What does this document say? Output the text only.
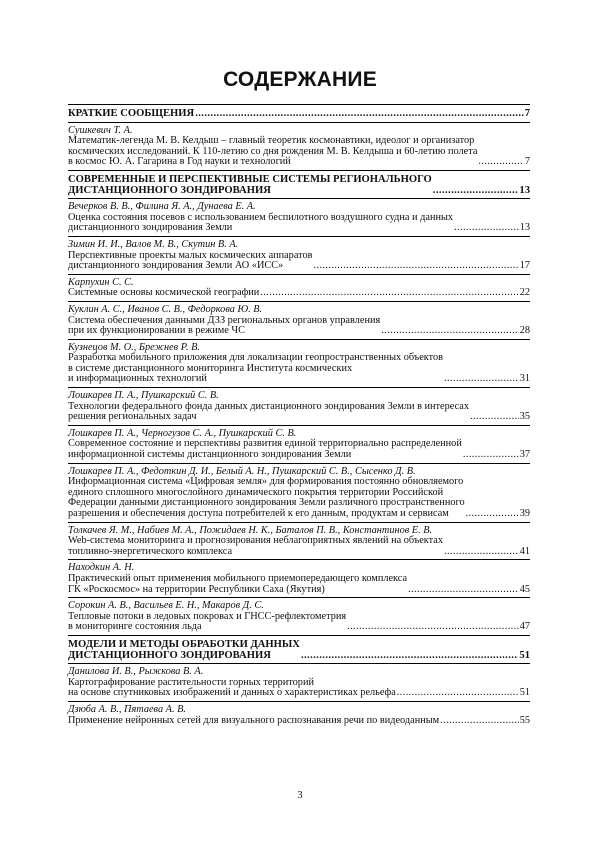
СОДЕРЖАНИЕ
КРАТКИЕ СООБЩЕНИЯ .....	7
Сушкевич Т. А.
Математик-легенда М. В. Келдыш – главный теоретик космонавтики, идеолог и организатор
космических исследований. К 110-летию со дня рождения М. В. Келдыша и 60-летию полета
в космос Ю. А. Гагарина в Год науки и технологий .....	7
СОВРЕМЕННЫЕ И ПЕРСПЕКТИВНЫЕ СИСТЕМЫ РЕГИОНАЛЬНОГО
ДИСТАНЦИОННОГО ЗОНДИРОВАНИЯ .....	13
Вечерков В. В., Филина Я. А., Дунаева Е. А.
Оценка состояния посевов с использованием беспилотного воздушного судна и данных
дистанционного зондирования Земли .....	13
Зимин И. И., Валов М. В., Скутин В. А.
Перспективные проекты малых космических аппаратов
дистанционного зондирования Земли АО «ИСС» .....	17
Карпухин С. С.
Системные основы космической географии .....	22
Куклин А. С., Иванов С. В., Федоркова Ю. В.
Система обеспечения данными ДЗЗ региональных органов управления
при их функционировании в режиме ЧС .....	28
Кузнецов М. О., Брежнев Р. В.
Разработка мобильного приложения для локализации геопространственных объектов
в системе дистанционного мониторинга Института космических
и информационных технологий .....	31
Лошкарев П. А., Пушкарский С. В.
Технологии федерального фонда данных дистанционного зондирования Земли в интересах
решения региональных задач .....	35
Лошкарев П. А., Черногузов С. А., Пушкарский С. В.
Современное состояние и перспективы развития единой территориально распределенной
информационной системы дистанционного зондирования Земли .....	37
Лошкарев П. А., Федоткин Д. И., Белый А. Н., Пушкарский С. В., Сысенко Д. В.
Информационная система «Цифровая земля» для формирования постоянно обновляемого
единого сплошного многослойного динамического покрытия территории Российской
Федерации данными дистанционного зондирования Земли различного пространственного
разрешения и обеспечения доступа потребителей к его данным, продуктам и сервисам .....	39
Толкачев Я. М., Набиев М. А., Пожидаев Н. К., Баталов П. В., Константинов Е. В.
Web-система мониторинга и прогнозирования неблагоприятных явлений на объектах
топливно-энергетического комплекса .....	41
Находкин А. Н.
Практический опыт применения мобильного приемопередающего комплекса
ГК «Роскосмос» на территории Республики Саха (Якутия) .....	45
Сорокин А. В., Васильев Е. Н., Макаров Д. С.
Тепловые потоки в ледовых покровах и ГНСС-рефлектометрия
в мониторинге состояния льда .....	47
МОДЕЛИ И МЕТОДЫ ОБРАБОТКИ ДАННЫХ
ДИСТАНЦИОННОГО ЗОНДИРОВАНИЯ .....	51
Данилова И. В., Рыжкова В. А.
Картографирование растительности горных территорий
на основе спутниковых изображений и данных о характеристиках рельефа .....	51
Дзюба А. В., Пятаева А. В.
Применение нейронных сетей для визуального распознавания речи по видеоданным .....	55
3
